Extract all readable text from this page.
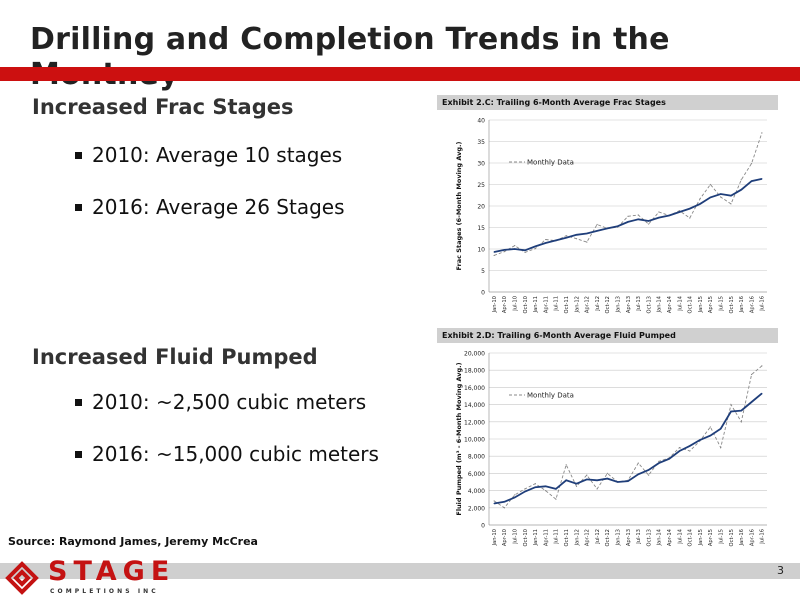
Drilling and Completion Trends in the
Increased Frac Stages
2010: Average 10 stages
2016: Average 26 Stages
Increased Fluid Pumped
2010: ~2,500 cubic meters
2016: ~15,000 cubic meters
Exhibit 2.C: Trailing 6-Month Average Frac Stages
0
5
10
15
20
25
30
35
40
Jan-10 Apr-10 Jul-10 Oct-10 Jan-11 Apr-11 Jul-11 Oct-11 Jan-12 Apr-12 Jul-12 Oct-12 Jan-13 Apr-13 Jul-13 Oct-13 Jan-14 Apr-14 Jul-14 Oct-14 Jan-15 Apr-15 Jul-15 Oct-15 Jan-16 Apr-16 Jul-16
Frac Stages (6-Month Moving Avg.)	Monthly Data
Exhibit 2.D: Trailing 6-Month Average Fluid Pumped
0
2,000
4,000
6,000
8,000
10,000
12,000
14,000
16,000
18,000
20,000
Jan-10 Apr-10 Jul-10 Oct-10 Jan-11 Apr-11 Jul-11 Oct-11 Jan-12 Apr-12 Jul-12 Oct-12 Jan-13 Apr-13 Jul-13 Oct-13 Jan-14 Apr-14 Jul-14 Oct-14 Jan-15 Apr-15 Jul-15 Oct-15 Jan-16 Apr-16 Jul-16
Fluid Pumped (m³ - 6-Month Moving Avg.)	Monthly Data
Source: Raymond James, Jeremy McCrea
3
STAGE
COMPLETIONS INC
